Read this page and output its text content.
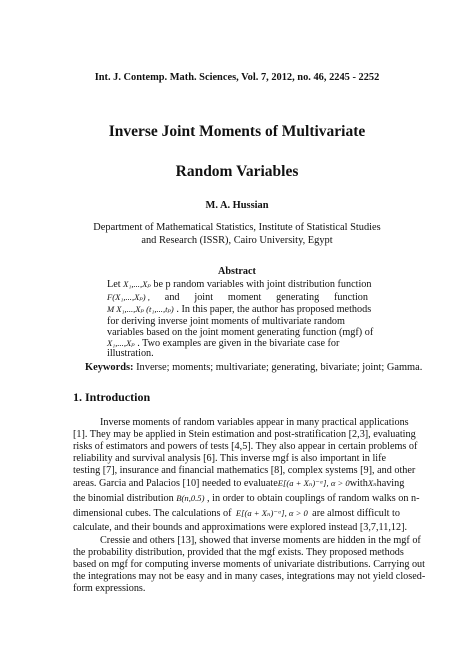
Int. J. Contemp. Math. Sciences, Vol. 7, 2012, no. 46, 2245 - 2252
Inverse Joint Moments of Multivariate
Random Variables
M. A. Hussian
Department of Mathematical Statistics, Institute of Statistical Studies
and Research (ISSR), Cairo University, Egypt
Abstract
Let X₁,...,Xₚ be p random variables with joint distribution function
F(X₁,...,Xₚ) , and joint moment generating function
M X₁,...,Xₚ (t₁,...,tₚ) . In this paper, the author has proposed methods
for deriving inverse joint moments of multivariate random
variables based on the joint moment generating function (mgf) of
Keywords: Inverse; moments; multivariate; generating, bivariate; joint; Gamma.
1. Introduction
Inverse moments of random variables appear in many practical applications
[1]. They may be applied in Stein estimation and post-stratification [2,3], evaluating
risks of estimators and powers of tests [4,5]. They also appear in certain problems of
reliability and survival analysis [6]. This inverse mgf is also important in life
testing [7], insurance and financial mathematics [8], complex systems [9], and other
areas. Garcia and Palacios [10] needed to evaluate E[(a + Xₙ)⁻ᵅ], α > 0 with Xₙ having
the binomial distribution B(n,0.5) , in order to obtain couplings of random walks on n-
dimensional cubes. The calculations of E[(a + Xₙ)⁻ᵅ], α > 0 are almost difficult to
calculate, and their bounds and approximations were explored instead [3,7,11,12].
Cressie and others [13], showed that inverse moments are hidden in the mgf of
the probability distribution, provided that the mgf exists. They proposed methods
based on mgf for computing inverse moments of univariate distributions. Carrying out
the integrations may not be easy and in many cases, integrations may not yield closed-
form expressions.
X₁,...,Xₚ . Two examples are given in the bivariate case for
illustration.
